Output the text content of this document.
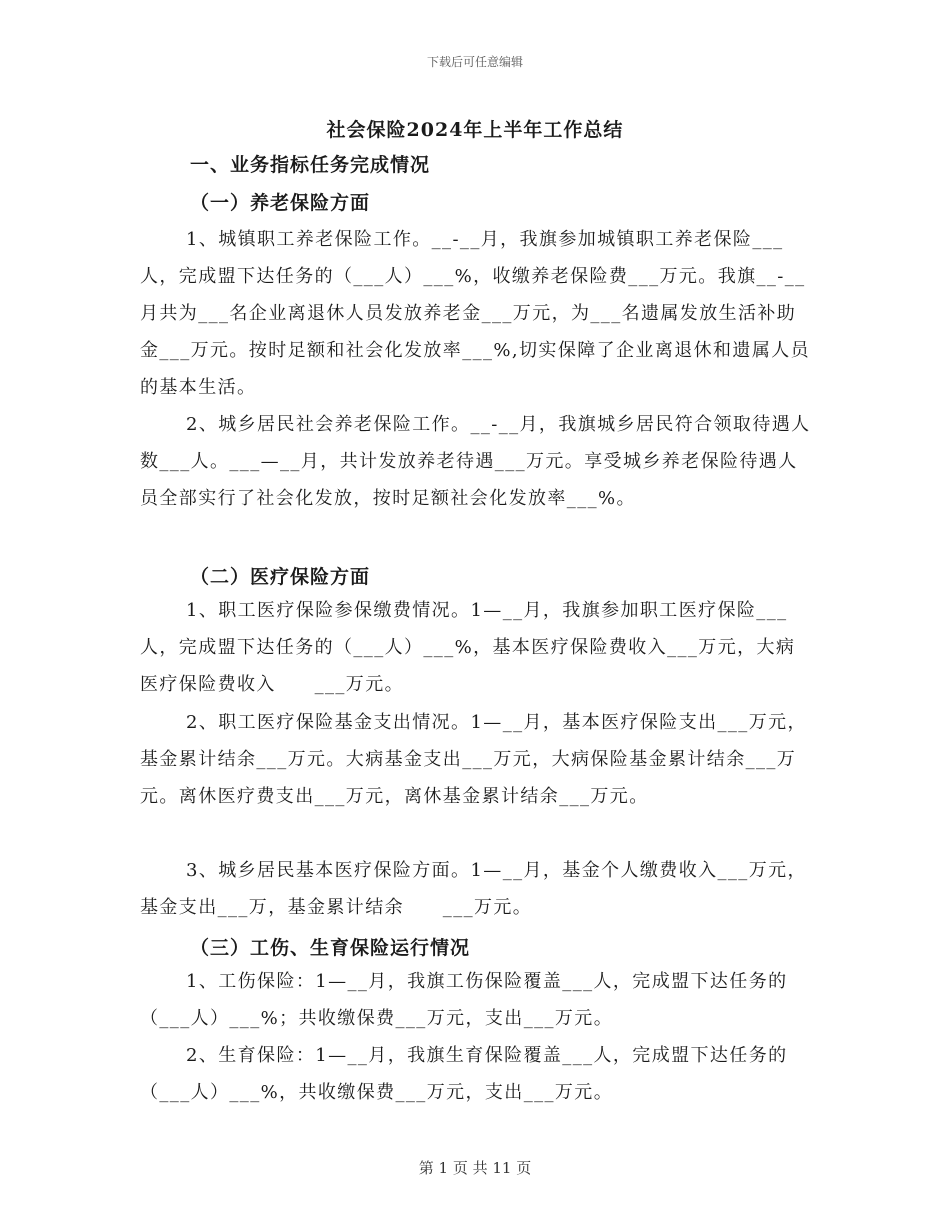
下载后可任意编辑
社会保险2024年上半年工作总结
一、业务指标任务完成情况
（一）养老保险方面
1、城镇职工养老保险工作。__-__月，我旗参加城镇职工养老保险___人，完成盟下达任务的（___人）___%，收缴养老保险费___万元。我旗__-__月共为___名企业离退休人员发放养老金___万元，为___名遗属发放生活补助金___万元。按时足额和社会化发放率___%,切实保障了企业离退休和遗属人员的基本生活。
2、城乡居民社会养老保险工作。__-__月，我旗城乡居民符合领取待遇人数___人。___—__月，共计发放养老待遇___万元。享受城乡养老保险待遇人员全部实行了社会化发放，按时足额社会化发放率___%。
（二）医疗保险方面
1、职工医疗保险参保缴费情况。1—__月，我旗参加职工医疗保险___人，完成盟下达任务的（___人）___%，基本医疗保险费收入___万元，大病医疗保险费收入　　___万元。
2、职工医疗保险基金支出情况。1—__月，基本医疗保险支出___万元，基金累计结余___万元。大病基金支出___万元，大病保险基金累计结余___万元。离休医疗费支出___万元，离休基金累计结余___万元。
3、城乡居民基本医疗保险方面。1—__月，基金个人缴费收入___万元，基金支出___万，基金累计结余　　___万元。
（三）工伤、生育保险运行情况
1、工伤保险：1—__月，我旗工伤保险覆盖___人，完成盟下达任务的（___人）___%；共收缴保费___万元，支出___万元。
2、生育保险：1—__月，我旗生育保险覆盖___人，完成盟下达任务的（___人）___%，共收缴保费___万元，支出___万元。
第 1 页 共 11 页
